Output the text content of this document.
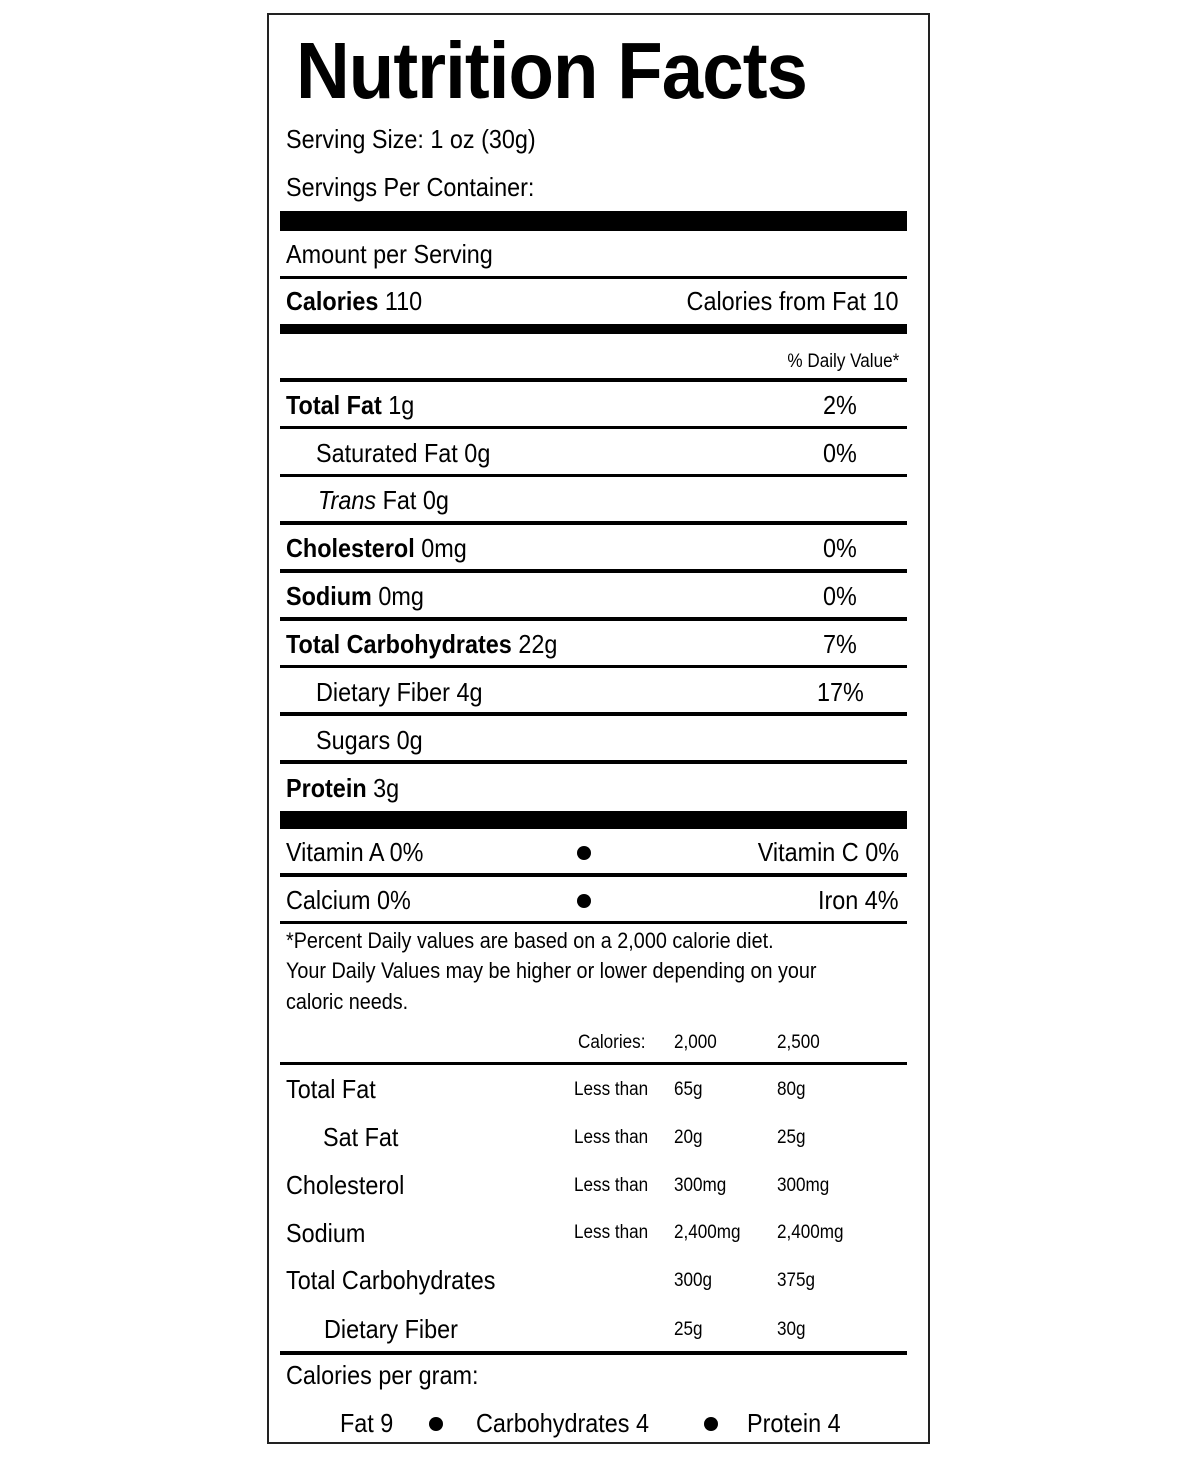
Nutrition Facts
Serving Size: 1 oz (30g)
Servings Per Container:
Amount per Serving
Calories 110	Calories from Fat 10
% Daily Value*
Total Fat 1g	2%
Saturated Fat 0g	0%
Trans Fat 0g
Cholesterol 0mg	0%
Sodium 0mg	0%
Total Carbohydrates 22g	7%
Dietary Fiber 4g	17%
Sugars 0g
Protein 3g
Vitamin A 0%	Vitamin C 0%
Calcium 0%	Iron 4%
*Percent Daily values are based on a 2,000 calorie diet.
Your Daily Values may be higher or lower depending on your
caloric needs.
Calories: 2,000	2,500
Total Fat	Less than 65g	80g
Sat Fat	Less than 20g	25g
Cholesterol	Less than 300mg	300mg
Sodium	Less than 2,400mg 2,400mg
Total Carbohydrates	300g	375g
Dietary Fiber	25g	30g
Calories per gram:
Fat 9	Carbohydrates 4	Protein 4
